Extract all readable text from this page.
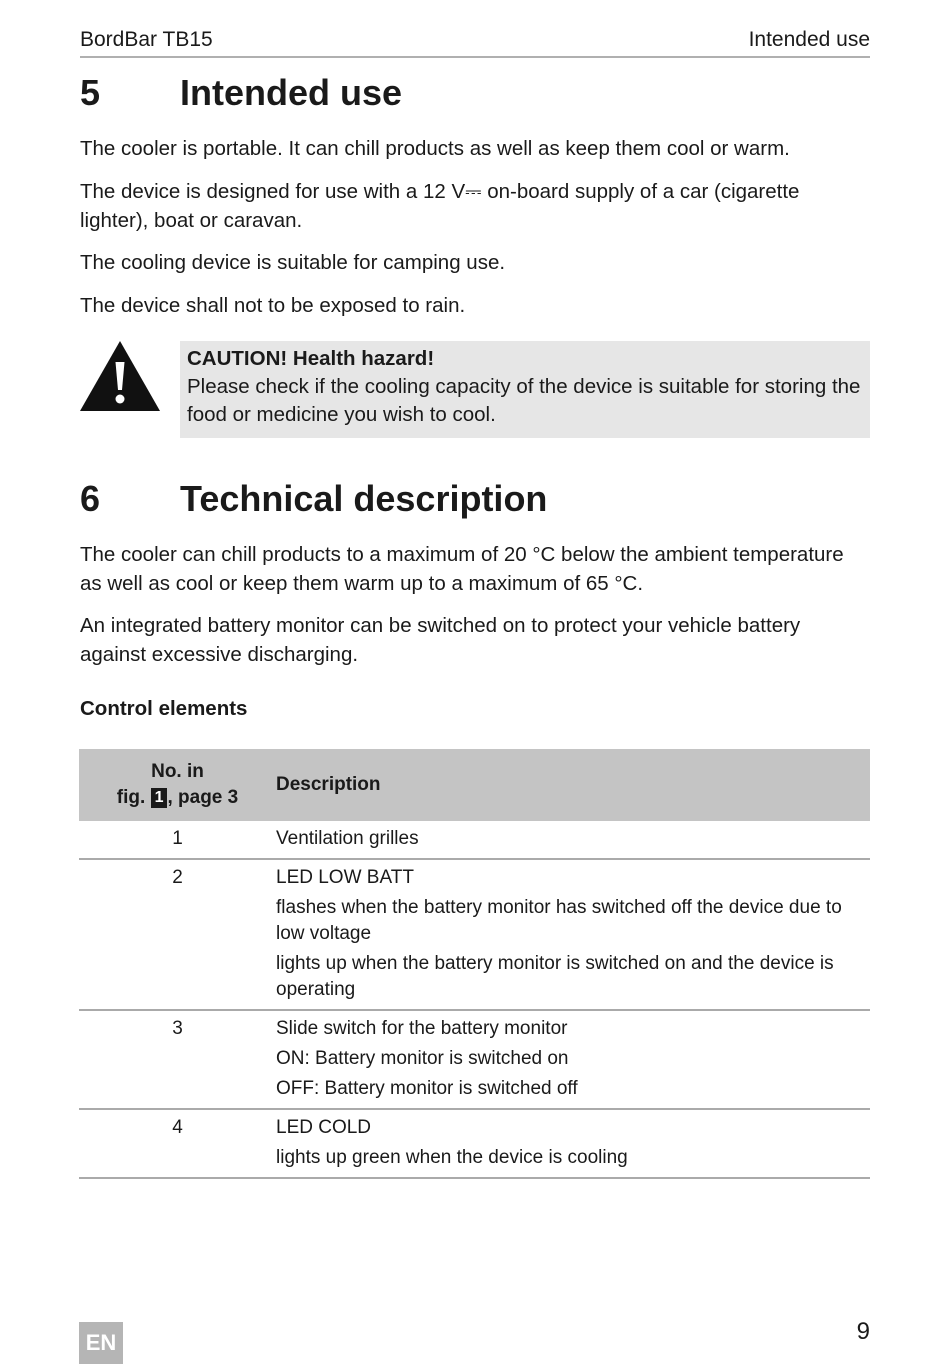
BordBar TB15	Intended use
5	Intended use

The cooler is portable. It can chill products as well as keep them cool or warm.

The device is designed for use with a 12 V⎓ on-board supply of a car (cigarette lighter), boat or caravan.

The cooling device is suitable for camping use.

The device shall not to be exposed to rain.

CAUTION! Health hazard!
Please check if the cooling capacity of the device is suitable for storing the food or medicine you wish to cool.
6	Technical description

The cooler can chill products to a maximum of 20 °C below the ambient temperature as well as cool or keep them warm up to a maximum of 65 °C.

An integrated battery monitor can be switched on to protect your vehicle battery against excessive discharging.

Control elements
No. in
fig. 1 , page 3	Description
1	Ventilation grilles

2	LED LOW BATT
flashes when the battery monitor has switched off the device due to low voltage
lights up when the battery monitor is switched on and the device is operating

3	Slide switch for the battery monitor
ON: Battery monitor is switched on
OFF: Battery monitor is switched off

4	LED COLD
lights up green when the device is cooling
EN	9
